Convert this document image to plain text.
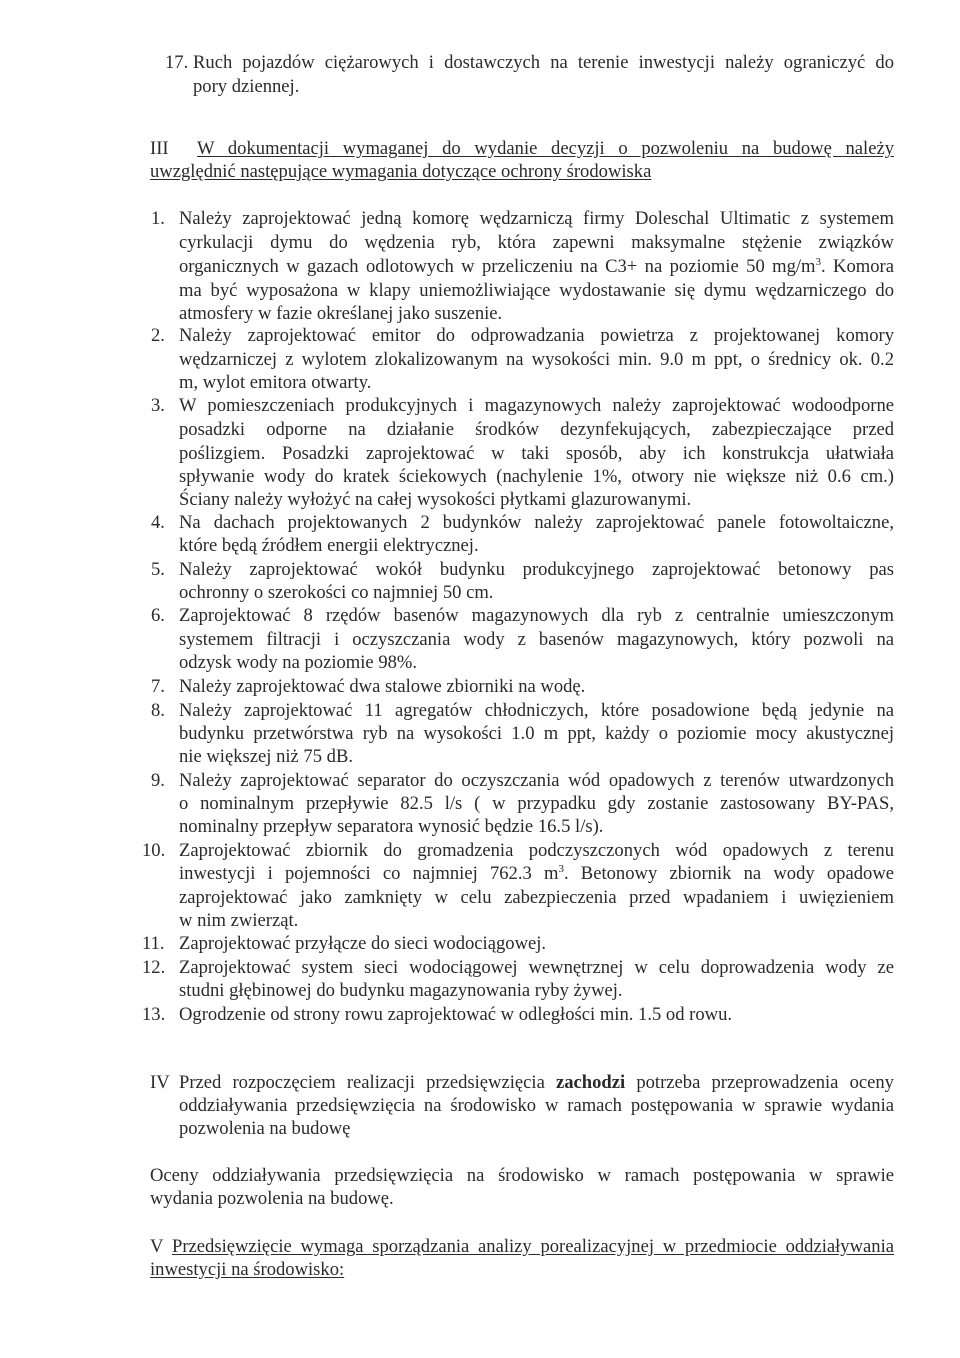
17. Ruch pojazdów ciężarowych i dostawczych na terenie inwestycji należy ograniczyć do
pory dziennej.
III W dokumentacji wymaganej do wydanie decyzji o pozwoleniu na budowę należy
uwzględnić następujące wymagania dotyczące ochrony środowiska
1. Należy zaprojektować jedną komorę wędzarniczą firmy Doleschal Ultimatic z systemem
cyrkulacji dymu do wędzenia ryb, która zapewni maksymalne stężenie związków
organicznych w gazach odlotowych w przeliczeniu na C3+ na poziomie 50 $mg/m^3$. Komora
ma być wyposażona w klapy uniemożliwiające wydostawanie się dymu wędzarniczego do
atmosfery w fazie określanej jako suszenie.
2. Należy zaprojektować emitor do odprowadzania powietrza z projektowanej komory
wędzarniczej z wylotem zlokalizowanym na wysokości min. 9.0 m ppt, o średnicy ok. 0.2
m, wylot emitora otwarty.
3. W pomieszczeniach produkcyjnych i magazynowych należy zaprojektować wodoodporne
posadzki odporne na działanie środków dezynfekujących, zabezpieczające przed
poślizgiem. Posadzki zaprojektować w taki sposób, aby ich konstrukcja ułatwiała
spływanie wody do kratek ściekowych (nachylenie 1%, otwory nie większe niż 0.6 cm.)
Ściany należy wyłożyć na całej wysokości płytkami glazurowanymi.
4. Na dachach projektowanych 2 budynków należy zaprojektować panele fotowoltaiczne,
które będą źródłem energii elektrycznej.
5. Należy zaprojektować wokół budynku produkcyjnego zaprojektować betonowy pas
ochronny o szerokości co najmniej 50 cm.
6. Zaprojektować 8 rzędów basenów magazynowych dla ryb z centralnie umieszczonym
systemem filtracji i oczyszczania wody z basenów magazynowych, który pozwoli na
odzysk wody na poziomie 98%.
7. Należy zaprojektować dwa stalowe zbiorniki na wodę.
8. Należy zaprojektować 11 agregatów chłodniczych, które posadowione będą jedynie na
budynku przetwórstwa ryb na wysokości 1.0 m ppt, każdy o poziomie mocy akustycznej
nie większej niż 75 dB.
9. Należy zaprojektować separator do oczyszczania wód opadowych z terenów utwardzonych
o nominalnym przepływie 82.5 l/s ( w przypadku gdy zostanie zastosowany BY-PAS,
nominalny przepływ separatora wynosić będzie 16.5 l/s).
10. Zaprojektować zbiornik do gromadzenia podczyszczonych wód opadowych z terenu
inwestycji i pojemności co najmniej 762.3 $m^3$. Betonowy zbiornik na wody opadowe
zaprojektować jako zamknięty w celu zabezpieczenia przed wpadaniem i uwięzieniem
w nim zwierząt.
11. Zaprojektować przyłącze do sieci wodociągowej.
12. Zaprojektować system sieci wodociągowej wewnętrznej w celu doprowadzenia wody ze
studni głębinowej do budynku magazynowania ryby żywej.
13. Ogrodzenie od strony rowu zaprojektować w odległości min. 1.5 od rowu.
IV Przed rozpoczęciem realizacji przedsięwzięcia zachodzi potrzeba przeprowadzenia oceny
oddziaływania przedsięwzięcia na środowisko w ramach postępowania w sprawie wydania
pozwolenia na budowę
Oceny oddziaływania przedsięwzięcia na środowisko w ramach postępowania w sprawie
wydania pozwolenia na budowę.
V Przedsięwzięcie wymaga sporządzania analizy porealizacyjnej w przedmiocie oddziaływania
inwestycji na środowisko:
